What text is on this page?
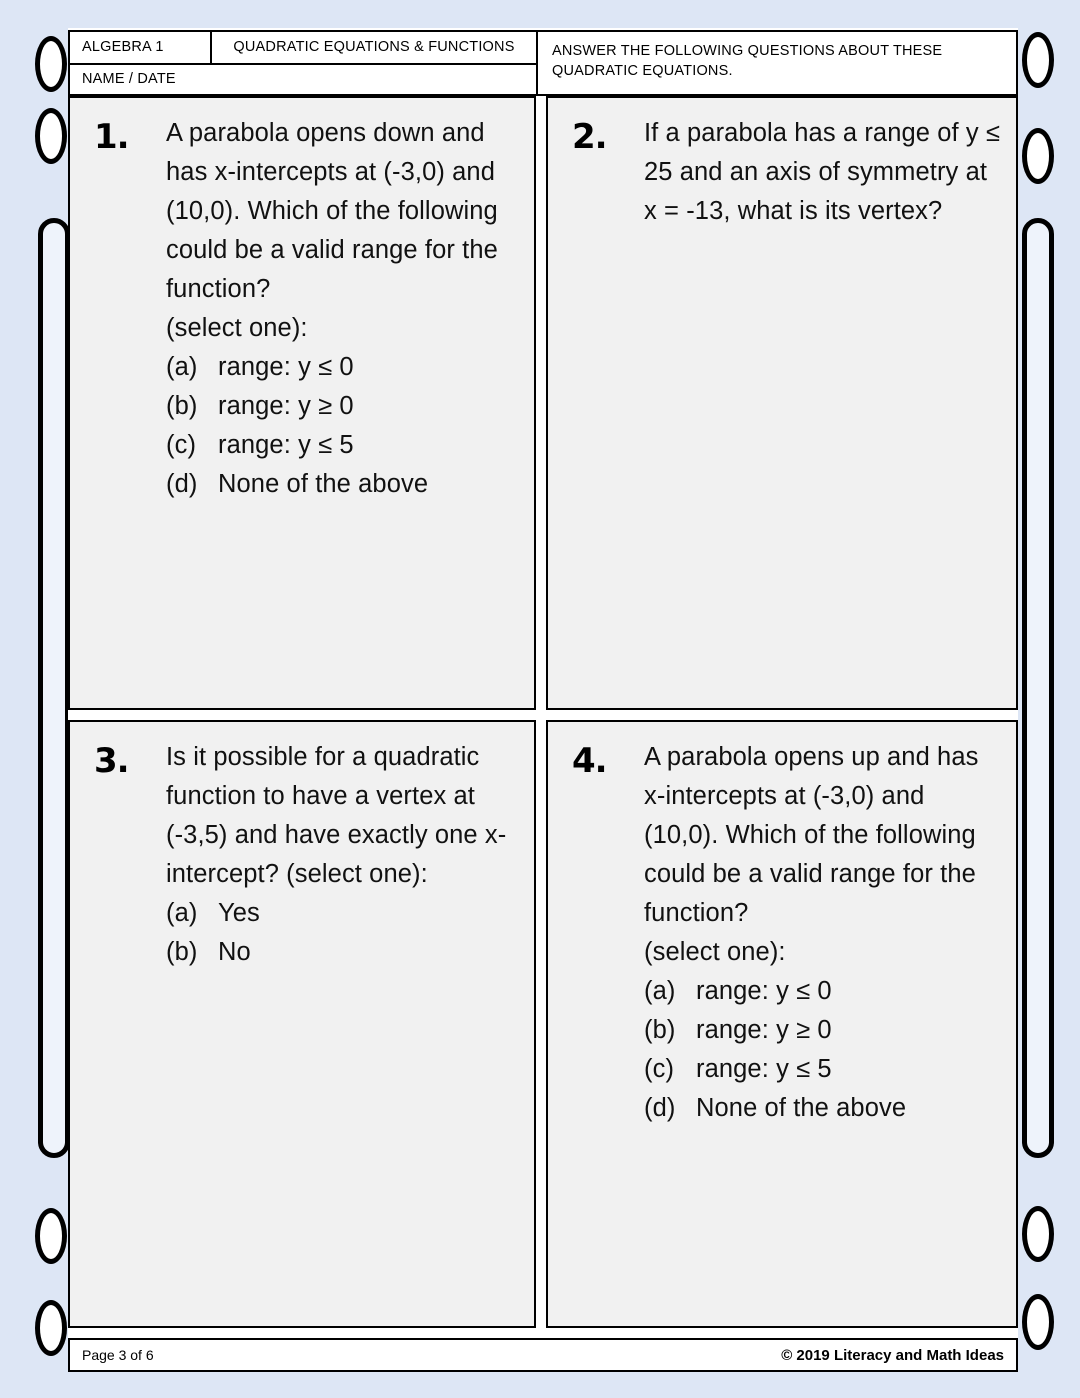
ALGEBRA 1	QUADRATIC EQUATIONS & FUNCTIONS
NAME / DATE
ANSWER THE FOLLOWING QUESTIONS ABOUT THESE QUADRATIC EQUATIONS.
1.	A parabola opens down and has x-intercepts at (-3,0) and (10,0). Which of the following could be a valid range for the function?
(select one):
(a) range: y ≤ 0
(b) range: y ≥ 0
(c) range: y ≤ 5
(d) None of the above
2.	If a parabola has a range of y ≤ 25 and an axis of symmetry at x = -13, what is its vertex?
3.	Is it possible for a quadratic function to have a vertex at (-3,5) and have exactly one x-intercept? (select one):
(a) Yes
(b) No
4.	A parabola opens up and has x-intercepts at (-3,0) and (10,0). Which of the following could be a valid range for the function?
(select one):
(a) range: y ≤ 0
(b) range: y ≥ 0
(c) range: y ≤ 5
(d) None of the above
Page 3 of 6	© 2019 Literacy and Math Ideas
